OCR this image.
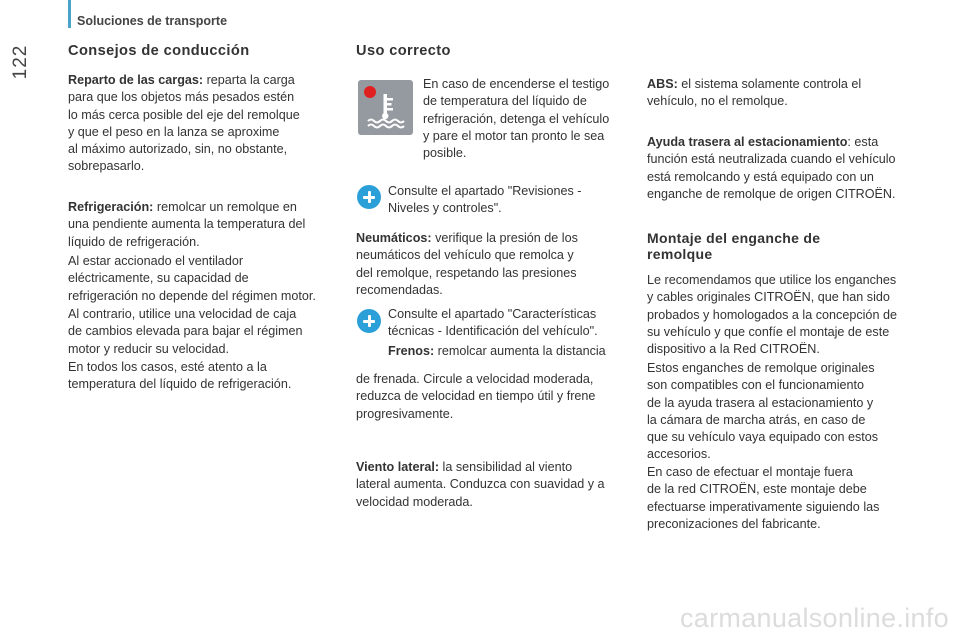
Soluciones de transporte
122	Consejos de conducción

Reparto de las cargas: reparta la carga
para que los objetos más pesados estén
lo más cerca posible del eje del remolque
y que el peso en la lanza se aproxime
al máximo autorizado, sin, no obstante,
sobrepasarlo.

Refrigeración: remolcar un remolque en
una pendiente aumenta la temperatura del
líquido de refrigeración.

Al estar accionado el ventilador
eléctricamente, su capacidad de
refrigeración no depende del régimen motor.

Al contrario, utilice una velocidad de caja
de cambios elevada para bajar el régimen
motor y reducir su velocidad.

En todos los casos, esté atento a la
temperatura del líquido de refrigeración.

Uso correcto

En caso de encenderse el testigo
de temperatura del líquido de
refrigeración, detenga el vehículo
y pare el motor tan pronto le sea
posible.

Consulte el apartado "Revisiones -
Niveles y controles".

Neumáticos: verifique la presión de los
neumáticos del vehículo que remolca y
del remolque, respetando las presiones
recomendadas.

Consulte el apartado "Características
técnicas - Identificación del vehículo".

Frenos: remolcar aumenta la distancia

de frenada. Circule a velocidad moderada,
reduzca de velocidad en tiempo útil y frene
progresivamente.

Viento lateral: la sensibilidad al viento
lateral aumenta. Conduzca con suavidad y a
velocidad moderada.

ABS: el sistema solamente controla el
vehículo, no el remolque.

Ayuda trasera al estacionamiento: esta
función está neutralizada cuando el vehículo
está remolcando y está equipado con un
enganche de remolque de origen CITROËN.

Montaje del enganche de
remolque

Le recomendamos que utilice los enganches
y cables originales CITROËN, que han sido
probados y homologados a la concepción de
su vehículo y que confíe el montaje de este
dispositivo a la Red CITROËN.

Estos enganches de remolque originales
son compatibles con el funcionamiento
de la ayuda trasera al estacionamiento y
la cámara de marcha atrás, en caso de
que su vehículo vaya equipado con estos
accesorios.

En caso de efectuar el montaje fuera
de la red CITROËN, este montaje debe
efectuarse imperativamente siguiendo las
preconizaciones del fabricante.

carmanualsonline.info
